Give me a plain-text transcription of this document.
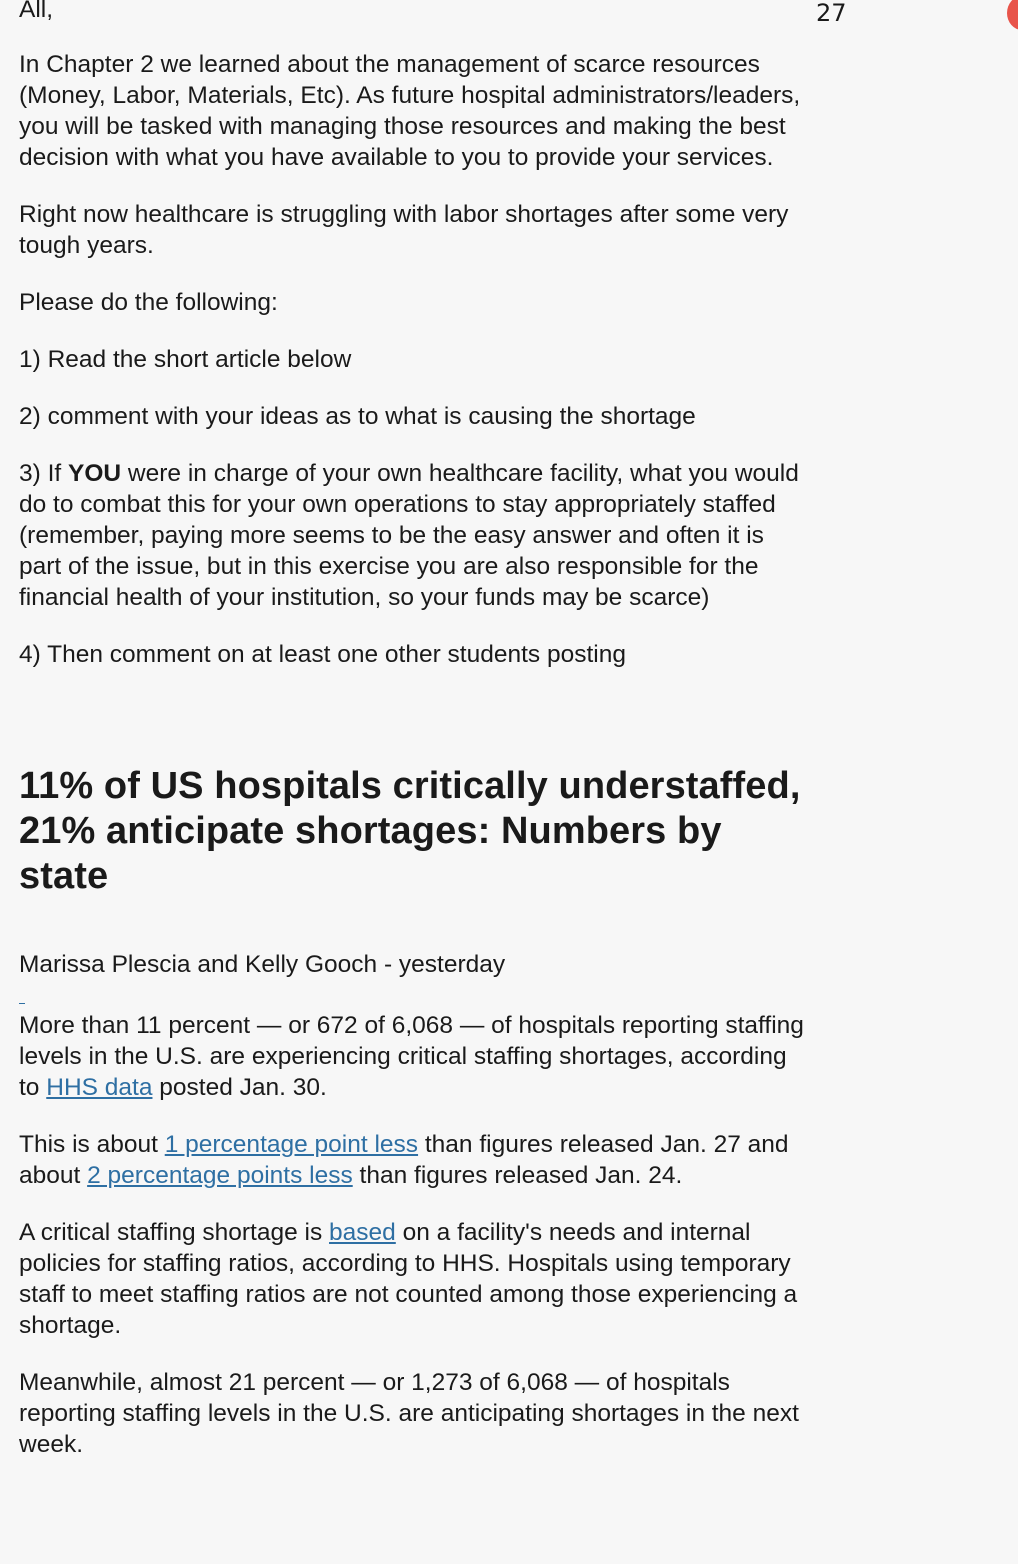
27

All,

In Chapter 2 we learned about the management of scarce resources (Money, Labor, Materials, Etc). As future hospital administrators/leaders, you will be tasked with managing those resources and making the best decision with what you have available to you to provide your services.

Right now healthcare is struggling with labor shortages after some very tough years.

Please do the following:

1) Read the short article below

2) comment with your ideas as to what is causing the shortage

3) If YOU were in charge of your own healthcare facility, what you would do to combat this for your own operations to stay appropriately staffed (remember, paying more seems to be the easy answer and often it is part of the issue, but in this exercise you are also responsible for the financial health of your institution, so your funds may be scarce)

4) Then comment on at least one other students posting

11% of US hospitals critically understaffed, 21% anticipate shortages: Numbers by state

Marissa Plescia and Kelly Gooch - yesterday

More than 11 percent — or 672 of 6,068 — of hospitals reporting staffing levels in the U.S. are experiencing critical staffing shortages, according to HHS data posted Jan. 30.

This is about 1 percentage point less than figures released Jan. 27 and about 2 percentage points less than figures released Jan. 24.

A critical staffing shortage is based on a facility's needs and internal policies for staffing ratios, according to HHS. Hospitals using temporary staff to meet staffing ratios are not counted among those experiencing a shortage.

Meanwhile, almost 21 percent — or 1,273 of 6,068 — of hospitals reporting staffing levels in the U.S. are anticipating shortages in the next week.
